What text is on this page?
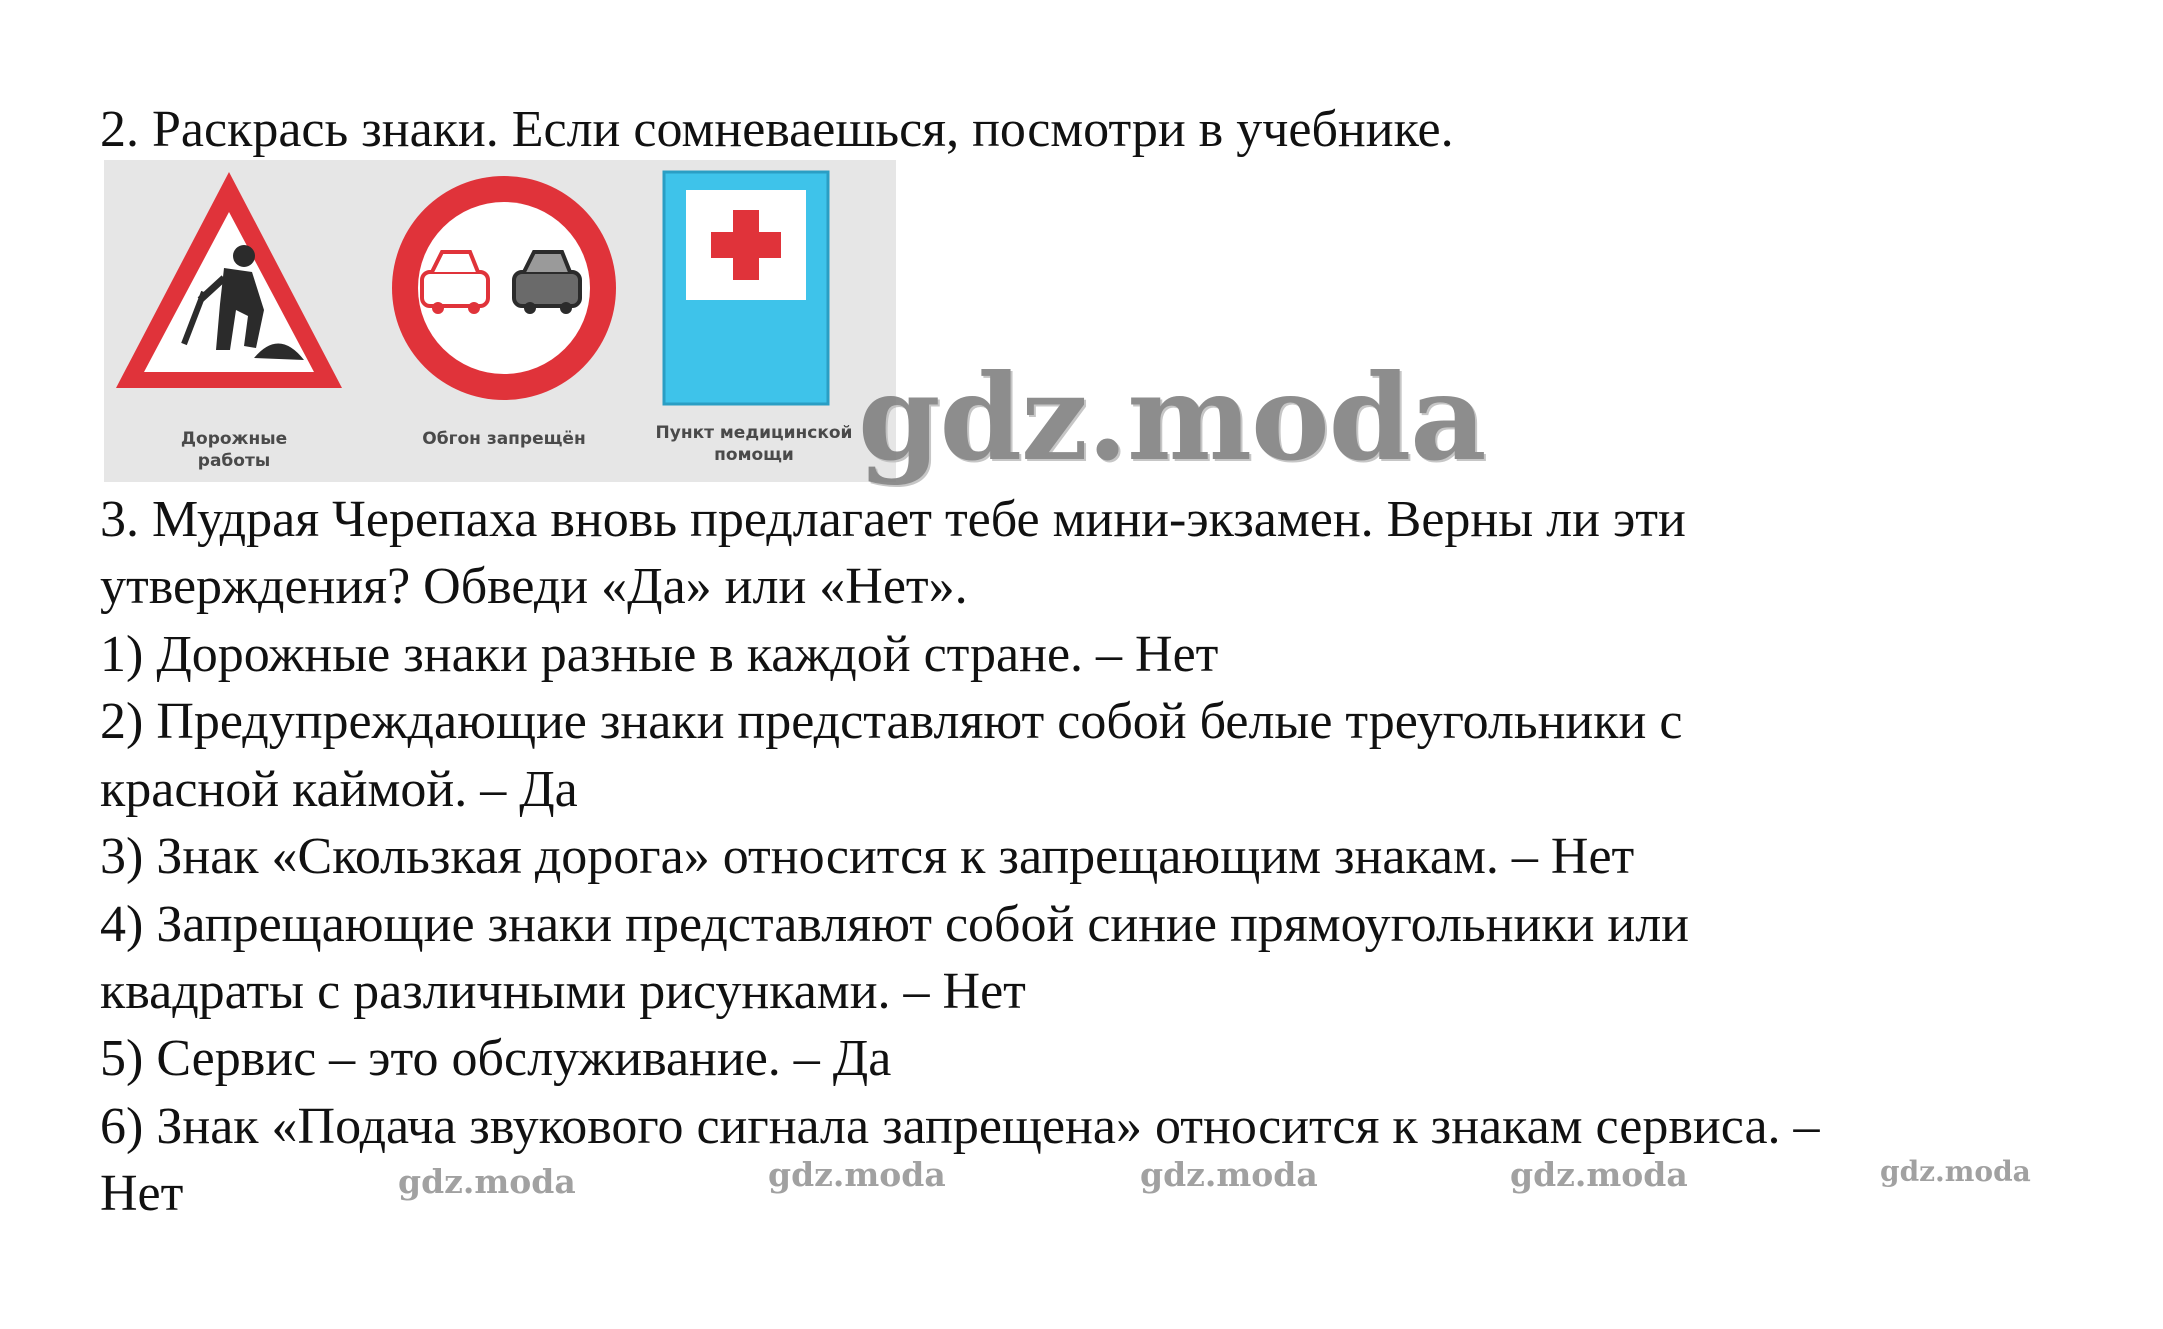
2. Раскрась знаки. Если сомневаешься, посмотри в учебнике.
Дорожные
работы
Обгон запрещён	Пункт медицинской
помощи gdz.moda
3. Мудрая Черепаха вновь предлагает тебе мини-экзамен. Верны ли эти
утверждения? Обведи «Да» или «Нет».
1) Дорожные знаки разные в каждой стране. – Нет
2) Предупреждающие знаки представляют собой белые треугольники с
красной каймой. – Да
3) Знак «Скользкая дорога» относится к запрещающим знакам. – Нет
4) Запрещающие знаки представляют собой синие прямоугольники или
квадраты с различными рисунками. – Нет
5) Сервис – это обслуживание. – Да
6) Знак «Подача звукового сигнала запрещена» относится к знакам сервиса. –
Нет	gdz.moda	gdz.moda	gdz.moda	gdz.moda	gdz.moda
